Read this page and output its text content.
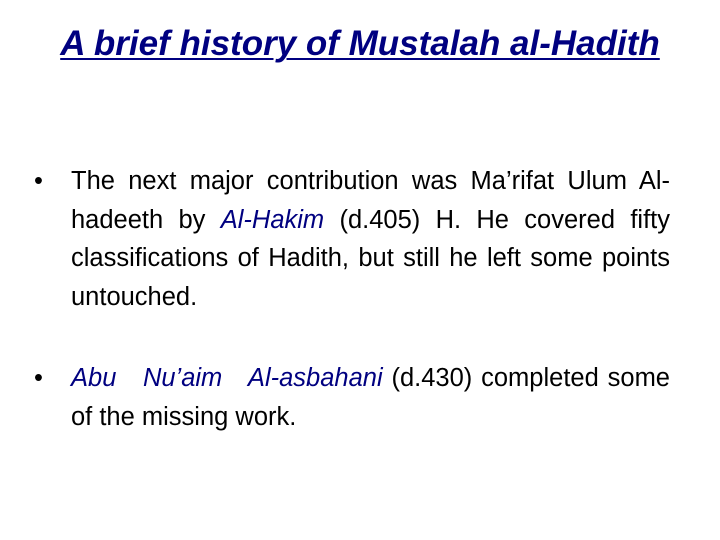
A brief history of Mustalah al-Hadith
•	The next major contribution was Ma’rifat Ulum Al-hadeeth by Al-Hakim (d.405) H. He covered fifty classifications of Hadith, but still he left some points untouched.
•	Abu   Nu’aim   Al-asbahani (d.430) completed some of the missing work.
